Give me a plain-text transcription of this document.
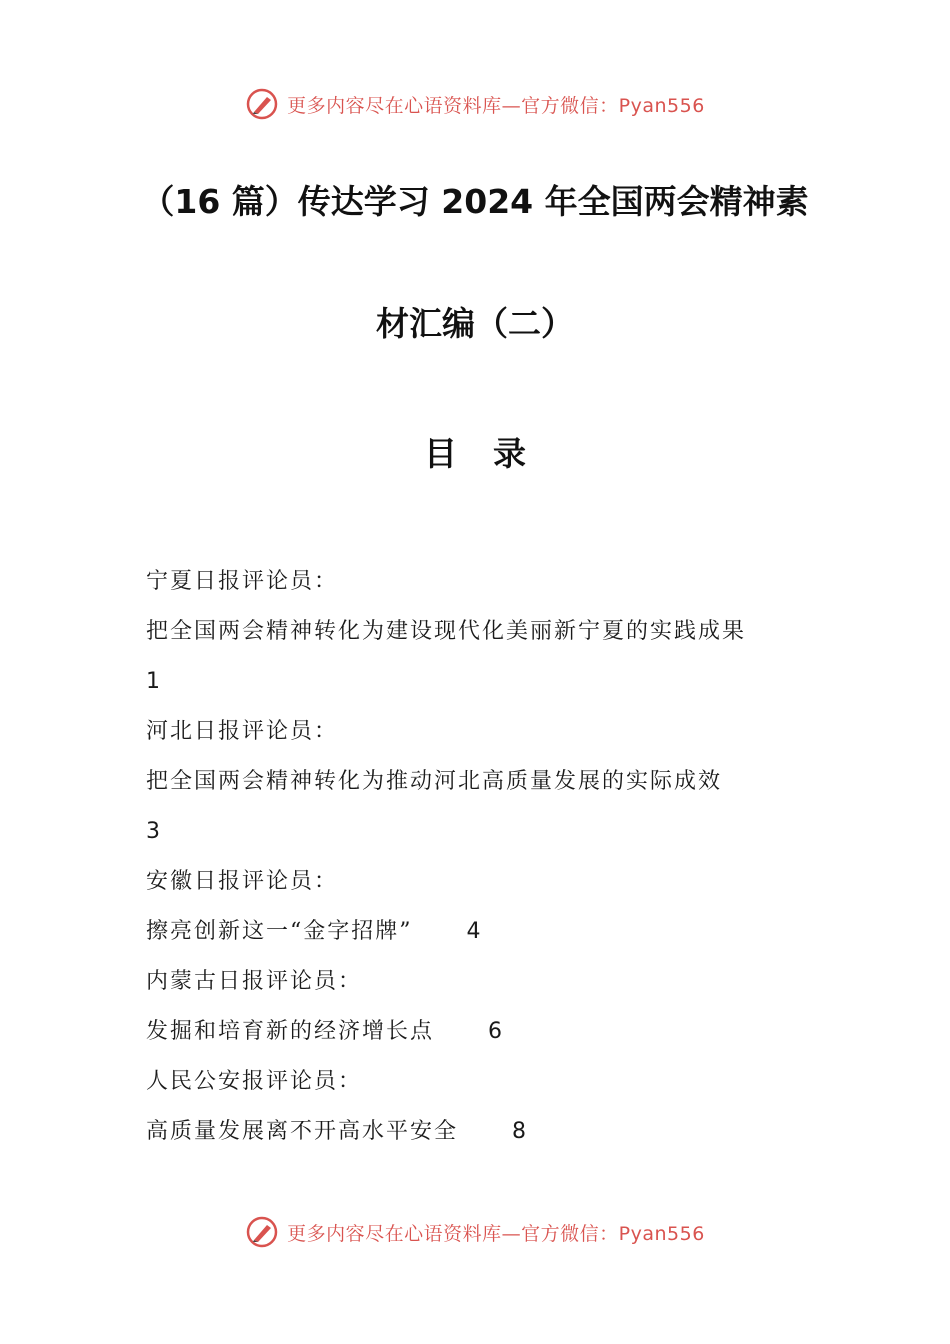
更多内容尽在心语资料库—官方微信：Pyan556
（16 篇）传达学习 2024 年全国两会精神素
材汇编（二）
目录
宁夏日报评论员：
把全国两会精神转化为建设现代化美丽新宁夏的实践成果
1
河北日报评论员：
把全国两会精神转化为推动河北高质量发展的实际成效
3
安徽日报评论员：
擦亮创新这一“金字招牌” 4
内蒙古日报评论员：
发掘和培育新的经济增长点 6
人民公安报评论员：
高质量发展离不开高水平安全 8
更多内容尽在心语资料库—官方微信：Pyan556
